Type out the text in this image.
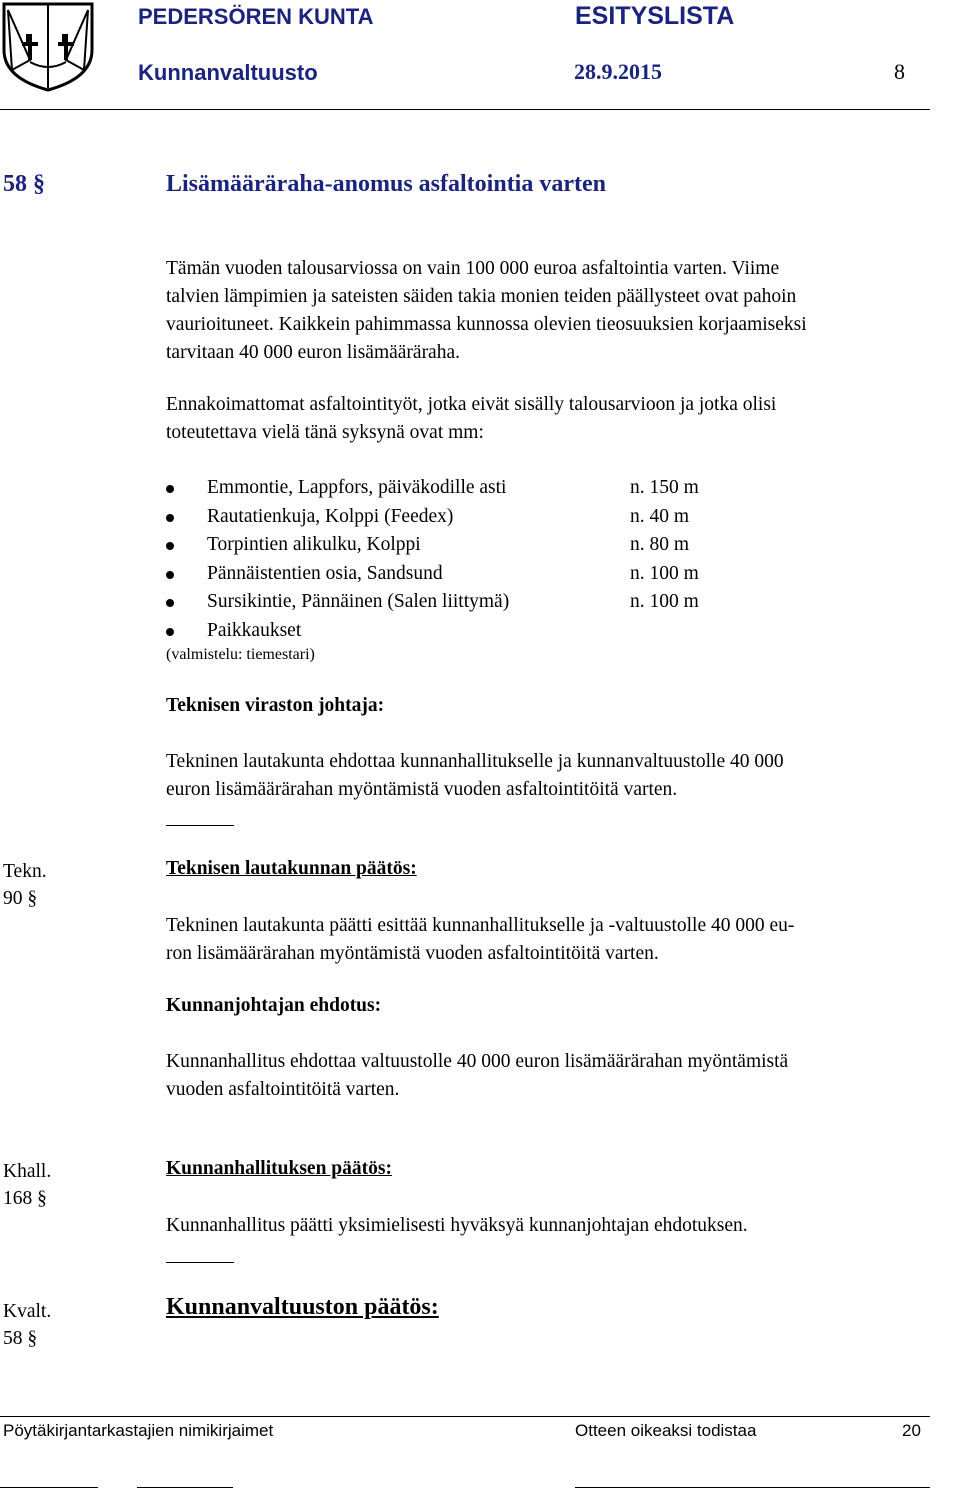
PEDERSÖREN KUNTA	ESITYSLISTA
Kunnanvaltuusto	28.9.2015	8
58 §	Lisämääräraha-anomus asfaltointia varten

Tämän vuoden talousarviossa on vain 100 000 euroa asfaltointia varten. Viime

talvien lämpimien ja sateisten säiden takia monien teiden päällysteet ovat pahoin

vaurioituneet. Kaikkein pahimmassa kunnossa olevien tieosuuksien korjaamiseksi

tarvitaan 40 000 euron lisämääräraha.

Ennakoimattomat asfaltointityöt, jotka eivät sisälly talousarvioon ja jotka olisi

toteutettava vielä tänä syksynä ovat mm:

Emmontie, Lappfors, päiväkodille asti	n. 150 m
Rautatienkuja, Kolppi (Feedex)	n. 40 m
Torpintien alikulku, Kolppi	n. 80 m
Pännäistentien osia, Sandsund	n. 100 m
Sursikintie, Pännäinen (Salen liittymä)	n. 100 m
Paikkaukset
(valmistelu: tiemestari)
Teknisen viraston johtaja:

Tekninen lautakunta ehdottaa kunnanhallitukselle ja kunnanvaltuustolle 40 000

euron lisämäärärahan myöntämistä vuoden asfaltointitöitä varten.

Tekn.
90 §
Teknisen lautakunnan päätös:

Tekninen lautakunta päätti esittää kunnanhallitukselle ja -valtuustolle 40 000 eu-

ron lisämäärärahan myöntämistä vuoden asfaltointitöitä varten.

Kunnanjohtajan ehdotus:

Kunnanhallitus ehdottaa valtuustolle 40 000 euron lisämäärärahan myöntämistä

vuoden asfaltointitöitä varten.

Khall.
168 §
Kunnanhallituksen päätös:

Kunnanhallitus päätti yksimielisesti hyväksyä kunnanjohtajan ehdotuksen.

Kvalt.
58 §
Kunnanvaltuuston päätös:
Pöytäkirjantarkastajien nimikirjaimet	Otteen oikeaksi todistaa	20
